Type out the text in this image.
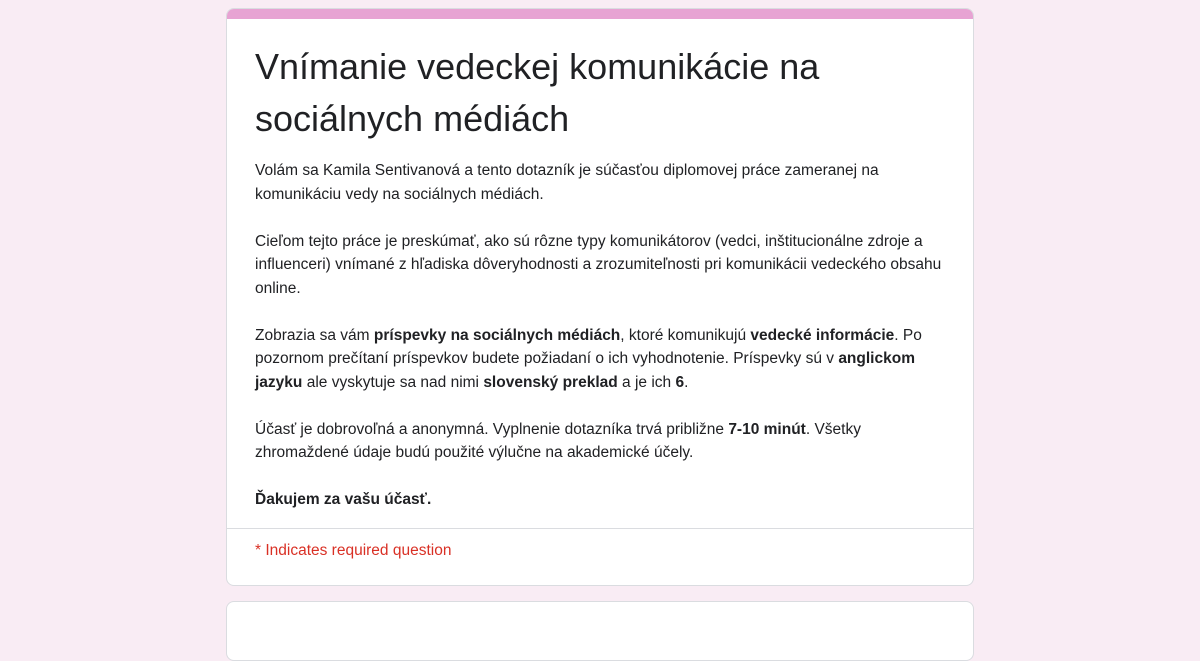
Vnímanie vedeckej komunikácie na sociálnych médiách

Volám sa Kamila Sentivanová a tento dotazník je súčasťou diplomovej práce zameranej na komunikáciu vedy na sociálnych médiách.

Cieľom tejto práce je preskúmať, ako sú rôzne typy komunikátorov (vedci, inštitucionálne zdroje a influenceri) vnímané z hľadiska dôveryhodnosti a zrozumiteľnosti pri komunikácii vedeckého obsahu online.

Zobrazia sa vám príspevky na sociálnych médiách, ktoré komunikujú vedecké informácie. Po pozornom prečítaní príspevkov budete požiadaní o ich vyhodnotenie. Príspevky sú v anglickom jazyku ale vyskytuje sa nad nimi slovenský preklad a je ich 6.

Účasť je dobrovoľná a anonymná. Vyplnenie dotazníka trvá približne 7-10 minút. Všetky zhromaždené údaje budú použité výlučne na akademické účely.

Ďakujem za vašu účasť.

* Indicates required question
